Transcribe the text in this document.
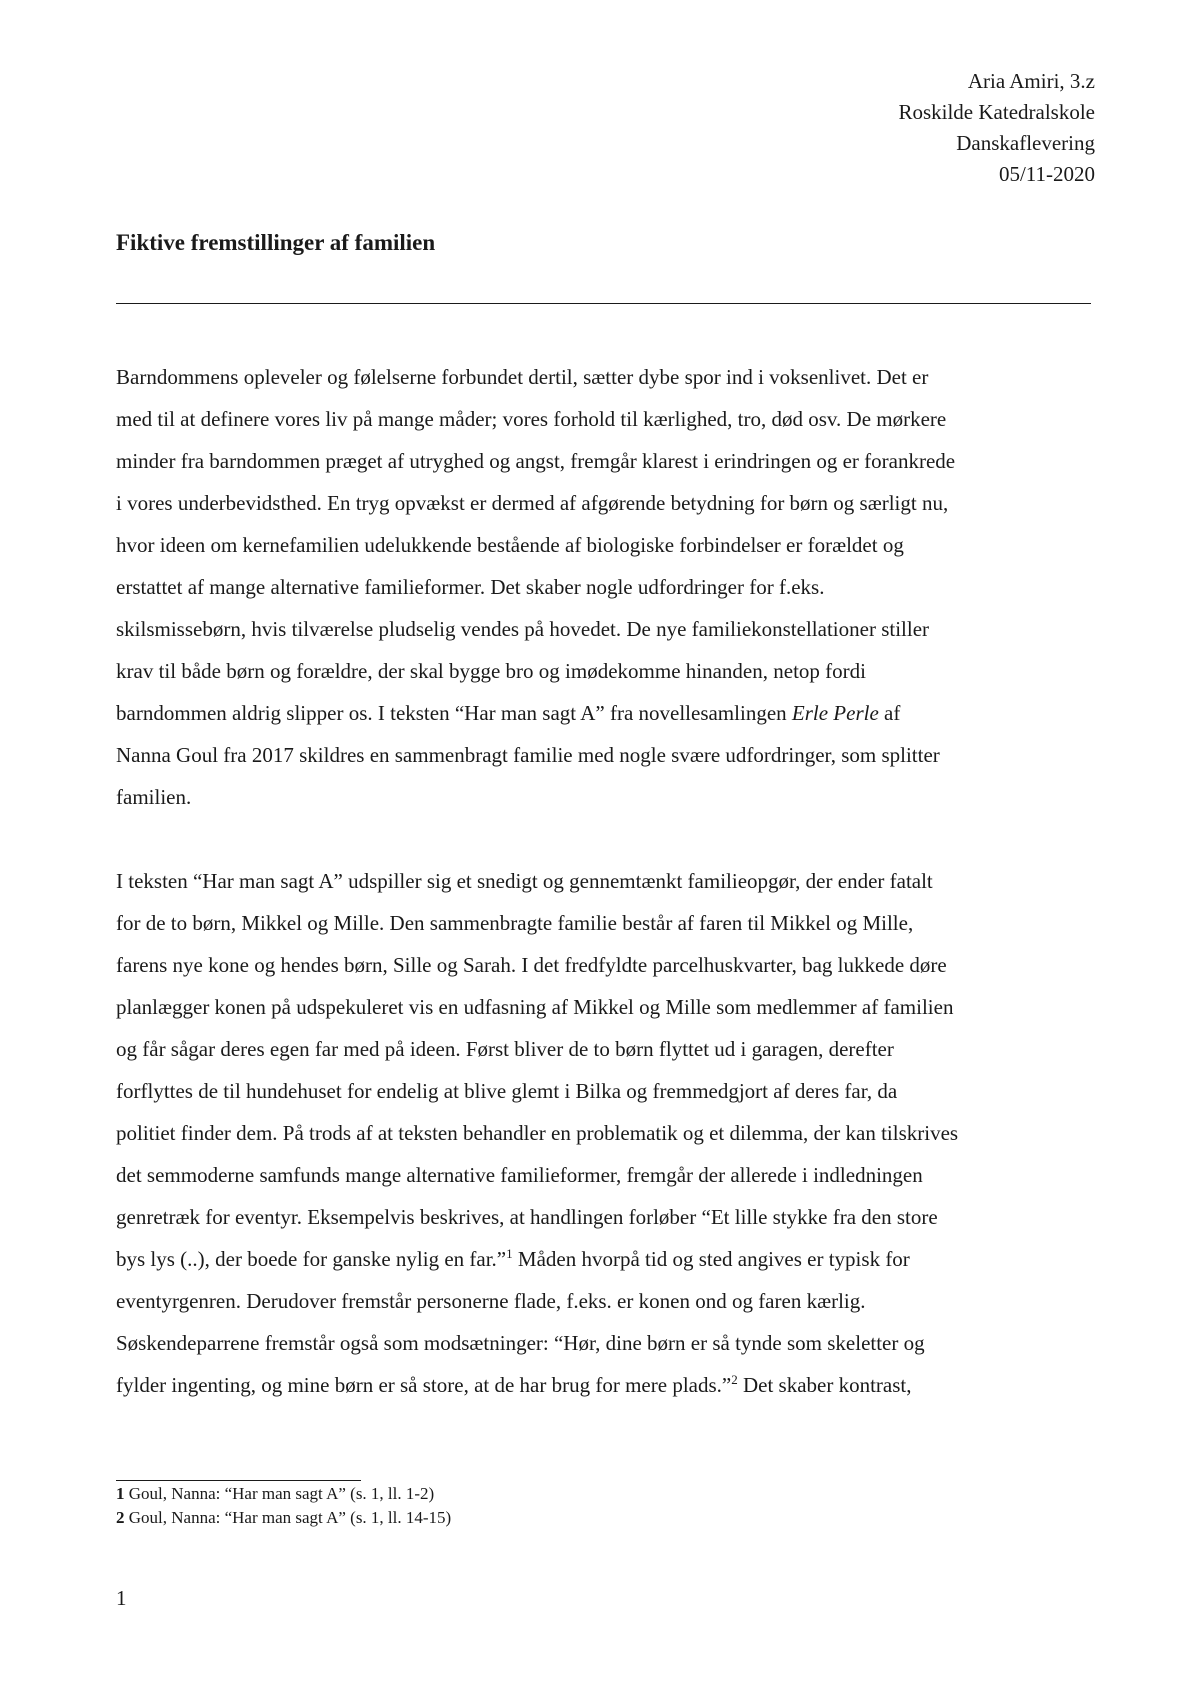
Aria Amiri, 3.z
Roskilde Katedralskole
Danskaflevering
05/11-2020
Fiktive fremstillinger af familien

Barndommens opleveler og følelserne forbundet dertil, sætter dybe spor ind i voksenlivet. Det er
med til at definere vores liv på mange måder; vores forhold til kærlighed, tro, død osv. De mørkere
minder fra barndommen præget af utryghed og angst, fremgår klarest i erindringen og er forankrede
i vores underbevidsthed. En tryg opvækst er dermed af afgørende betydning for børn og særligt nu,
hvor ideen om kernefamilien udelukkende bestående af biologiske forbindelser er forældet og
erstattet af mange alternative familieformer. Det skaber nogle udfordringer for f.eks.
skilsmissebørn, hvis tilværelse pludselig vendes på hovedet. De nye familiekonstellationer stiller
krav til både børn og forældre, der skal bygge bro og imødekomme hinanden, netop fordi
barndommen aldrig slipper os. I teksten “Har man sagt A” fra novellesamlingen Erle Perle af
Nanna Goul fra 2017 skildres en sammenbragt familie med nogle svære udfordringer, som splitter
familien.

I teksten “Har man sagt A” udspiller sig et snedigt og gennemtænkt familieopgør, der ender fatalt
for de to børn, Mikkel og Mille. Den sammenbragte familie består af faren til Mikkel og Mille,
farens nye kone og hendes børn, Sille og Sarah. I det fredfyldte parcelhuskvarter, bag lukkede døre
planlægger konen på udspekuleret vis en udfasning af Mikkel og Mille som medlemmer af familien
og får sågar deres egen far med på ideen. Først bliver de to børn flyttet ud i garagen, derefter
forflyttes de til hundehuset for endelig at blive glemt i Bilka og fremmedgjort af deres far, da
politiet finder dem. På trods af at teksten behandler en problematik og et dilemma, der kan tilskrives
det semmoderne samfunds mange alternative familieformer, fremgår der allerede i indledningen
genretræk for eventyr. Eksempelvis beskrives, at handlingen forløber “Et lille stykke fra den store
bys lys (..), der boede for ganske nylig en far.”$^1$ Måden hvorpå tid og sted angives er typisk for
eventyrgenren. Derudover fremstår personerne flade, f.eks. er konen ond og faren kærlig.
Søskendeparrene fremstår også som modsætninger: “Hør, dine børn er så tynde som skeletter og
fylder ingenting, og mine børn er så store, at de har brug for mere plads.”$^2$ Det skaber kontrast,

1 Goul, Nanna: “Har man sagt A” (s. 1, ll. 1-2)
2 Goul, Nanna: “Har man sagt A” (s. 1, ll. 14-15)
1
